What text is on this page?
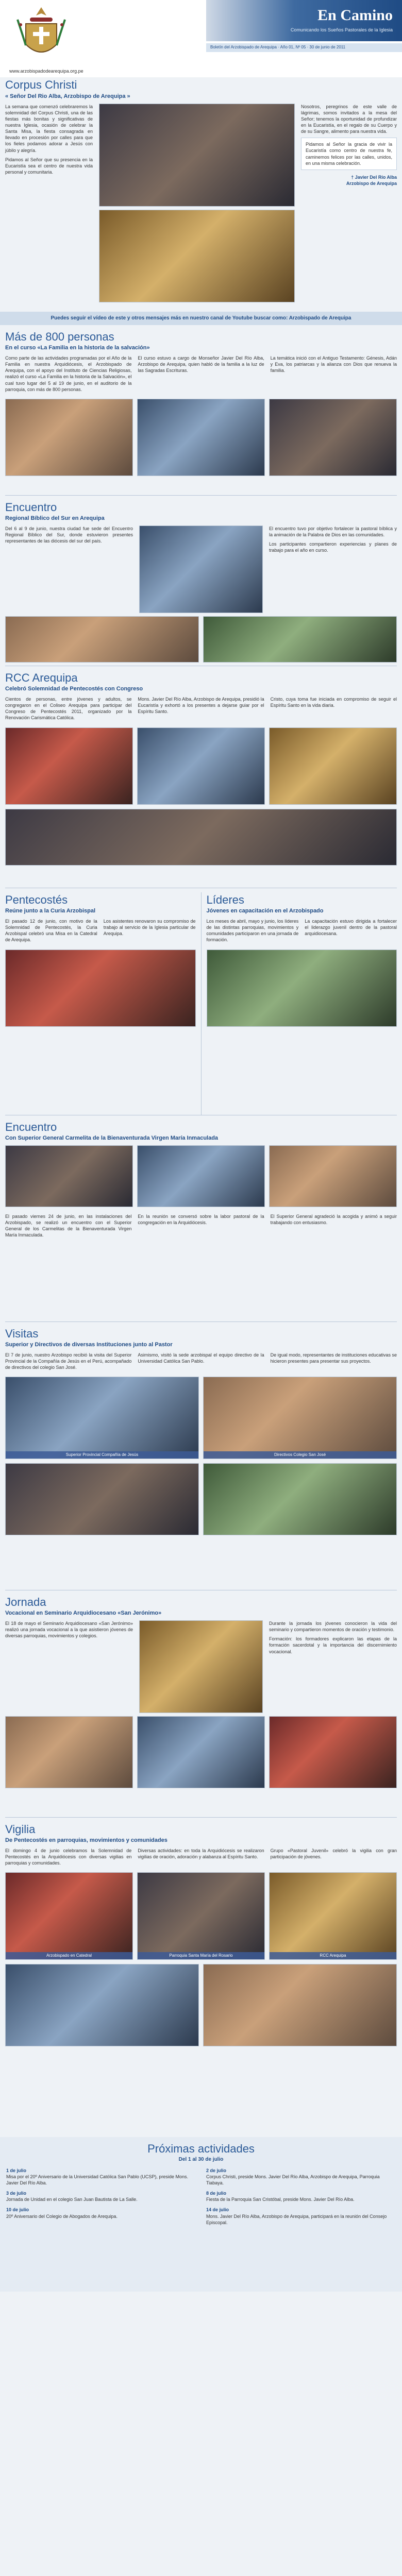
www.arzobispadodearequipa.org.pe
En Camino
Comunicando los Sueños Pastorales de la Iglesia
Boletín del Arzobispado de Arequipa · Año 01, Nº 05 · 30 de junio de 2011
Corpus Christi
« Señor Del Rio Alba, Arzobispo de Arequipa »

La semana que comenzó celebraremos la solemnidad del Corpus Christi, una de las fiestas más bonitas y significativas de nuestra Iglesia, ocasión de celebrar la Santa Misa, la fiesta consagrada en llevado en procesión por calles para que los fieles podamos adorar a Jesús con júbilo y alegría.

Pidamos al Señor que su presencia en la Eucaristía sea el centro de nuestra vida personal y comunitaria.

Nosotros, peregrinos de este valle de lágrimas, somos invitados a la mesa del Señor; tenemos la oportunidad de profundizar en la Eucaristía, en el regalo de su Cuerpo y de su Sangre, alimento para nuestra vida.

Pidamos al Señor la gracia de vivir la Eucaristía como centro de nuestra fe, caminemos felices por las calles, unidos, en una misma celebración.

† Javier Del Río Alba
Arzobispo de Arequipa

Puedes seguir el vídeo de este y otros mensajes más en nuestro canal de Youtube buscar como: Arzobispado de Arequipa
Más de 800 personas
En el curso «La Familia en la historia de la salvación»

Como parte de las actividades programadas por el Año de la Familia en nuestra Arquidiócesis, el Arzobispado de Arequipa, con el apoyo del Instituto de Ciencias Religiosas, realizó el curso «La Familia en la historia de la Salvación», el cual tuvo lugar del 5 al 19 de junio, en el auditorio de la parroquia, con más de 800 personas.

El curso estuvo a cargo de Monseñor Javier Del Río Alba, Arzobispo de Arequipa, quien habló de la familia a la luz de las Sagradas Escrituras.

La temática inició con el Antiguo Testamento: Génesis, Adán y Eva, los patriarcas y la alianza con Dios que renueva la familia.

Encuentro
Regional Bíblico del Sur en Arequipa

Del 6 al 9 de junio, nuestra ciudad fue sede del Encuentro Regional Bíblico del Sur, donde estuvieron presentes representantes de las diócesis del sur del país.

El encuentro tuvo por objetivo fortalecer la pastoral bíblica y la animación de la Palabra de Dios en las comunidades.

Los participantes compartieron experiencias y planes de trabajo para el año en curso.

RCC Arequipa
Celebró Solemnidad de Pentecostés con Congreso

Cientos de personas, entre jóvenes y adultos, se congregaron en el Coliseo Arequipa para participar del Congreso de Pentecostés 2011, organizado por la Renovación Carismática Católica.

Mons. Javier Del Río Alba, Arzobispo de Arequipa, presidió la Eucaristía y exhortó a los presentes a dejarse guiar por el Espíritu Santo.

Cristo, cuya toma fue iniciada en compromiso de seguir el Espíritu Santo en la vida diaria.

Pentecostés
Reúne junto a la Curia Arzobispal

El pasado 12 de junio, con motivo de la Solemnidad de Pentecostés, la Curia Arzobispal celebró una Misa en la Catedral de Arequipa.

Los asistentes renovaron su compromiso de trabajo al servicio de la Iglesia particular de Arequipa.

Líderes
Jóvenes en capacitación en el Arzobispado

Los meses de abril, mayo y junio, los líderes de las distintas parroquias, movimientos y comunidades participaron en una jornada de formación.

La capacitación estuvo dirigida a fortalecer el liderazgo juvenil dentro de la pastoral arquidiocesana.

Encuentro
Con Superior General Carmelita de la Bienaventurada Virgen María Inmaculada

El pasado viernes 24 de junio, en las instalaciones del Arzobispado, se realizó un encuentro con el Superior General de los Carmelitas de la Bienaventurada Virgen María Inmaculada.

En la reunión se conversó sobre la labor pastoral de la congregación en la Arquidiócesis.

El Superior General agradeció la acogida y animó a seguir trabajando con entusiasmo.

Visitas
Superior y Directivos de diversas Instituciones junto al Pastor

El 7 de junio, nuestro Arzobispo recibió la visita del Superior Provincial de la Compañía de Jesús en el Perú, acompañado de directivos del colegio San José.

Asimismo, visitó la sede arzobispal el equipo directivo de la Universidad Católica San Pablo.

De igual modo, representantes de instituciones educativas se hicieron presentes para presentar sus proyectos.

Superior Provincial Compañía de Jesús	Directivos Colegio San José
Jornada
Vocacional en Seminario Arquidiocesano «San Jerónimo»

El 18 de mayo el Seminario Arquidiocesano «San Jerónimo» realizó una jornada vocacional a la que asistieron jóvenes de diversas parroquias, movimientos y colegios.

Durante la jornada los jóvenes conocieron la vida del seminario y compartieron momentos de oración y testimonio.

Formación: los formadores explicaron las etapas de la formación sacerdotal y la importancia del discernimiento vocacional.

Vigilia
De Pentecostés en parroquias, movimientos y comunidades

El domingo 4 de junio celebramos la Solemnidad de Pentecostés en la Arquidiócesis con diversas vigilias en parroquias y comunidades.

Diversas actividades: en toda la Arquidiócesis se realizaron vigilias de oración, adoración y alabanza al Espíritu Santo.

Grupo «Pastoral Juvenil» celebró la vigilia con gran participación de jóvenes.

Arzobispado en Catedral	Parroquia Santa María del Rosario	RCC Arequipa
Próximas actividades
Del 1 al 30 de julio
1 de julio
Misa por el 20º Aniversario de la Universidad Católica San Pablo (UCSP), preside Mons. Javier Del Río Alba.
2 de julio
Corpus Christi, preside Mons. Javier Del Río Alba, Arzobispo de Arequipa, Parroquia Tiabaya.
3 de julio
Jornada de Unidad en el colegio San Juan Bautista de La Salle.
8 de julio
Fiesta de la Parroquia San Cristóbal, preside Mons. Javier Del Río Alba.
10 de julio
20º Aniversario del Colegio de Abogados de Arequipa.
14 de julio
Mons. Javier Del Río Alba, Arzobispo de Arequipa, participará en la reunión del Consejo Episcopal.
